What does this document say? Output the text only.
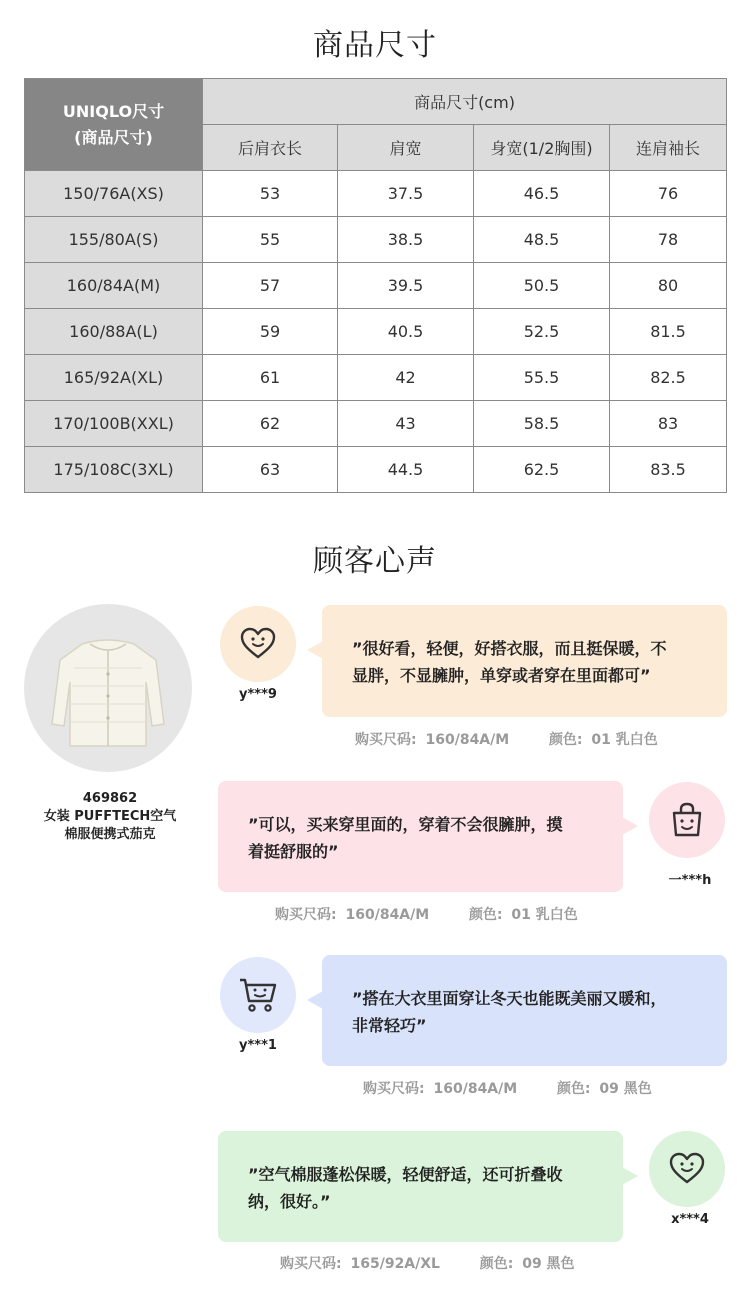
商品尺寸
UNIQLO尺寸
(商品尺寸)	商品尺寸(cm)			
	后肩衣长	肩宽	身宽(1/2胸围)	连肩袖长
150/76A(XS)	53	37.5	46.5	76
155/80A(S)	55	38.5	48.5	78
160/84A(M)	57	39.5	50.5	80
160/88A(L)	59	40.5	52.5	81.5
165/92A(XL)	61	42	55.5	82.5
170/100B(XXL)	62	43	58.5	83
175/108C(3XL)	63	44.5	62.5	83.5
顾客心声
469862
女装 PUFFTECH空气
棉服便携式茄克
y***9
”很好看，轻便，好搭衣服，而且挺保暖，不
显胖，不显臃肿，单穿或者穿在里面都可”
购买尺码: 160/84A/M	颜色: 01 乳白色
”可以，买来穿里面的，穿着不会很臃肿，摸
着挺舒服的”
一***h
购买尺码: 160/84A/M	颜色: 01 乳白色
y***1
”搭在大衣里面穿让冬天也能既美丽又暖和，
非常轻巧”
购买尺码: 160/84A/M	颜色: 09 黑色
”空气棉服蓬松保暖，轻便舒适，还可折叠收
纳，很好。”
x***4
购买尺码: 165/92A/XL	颜色: 09 黑色
